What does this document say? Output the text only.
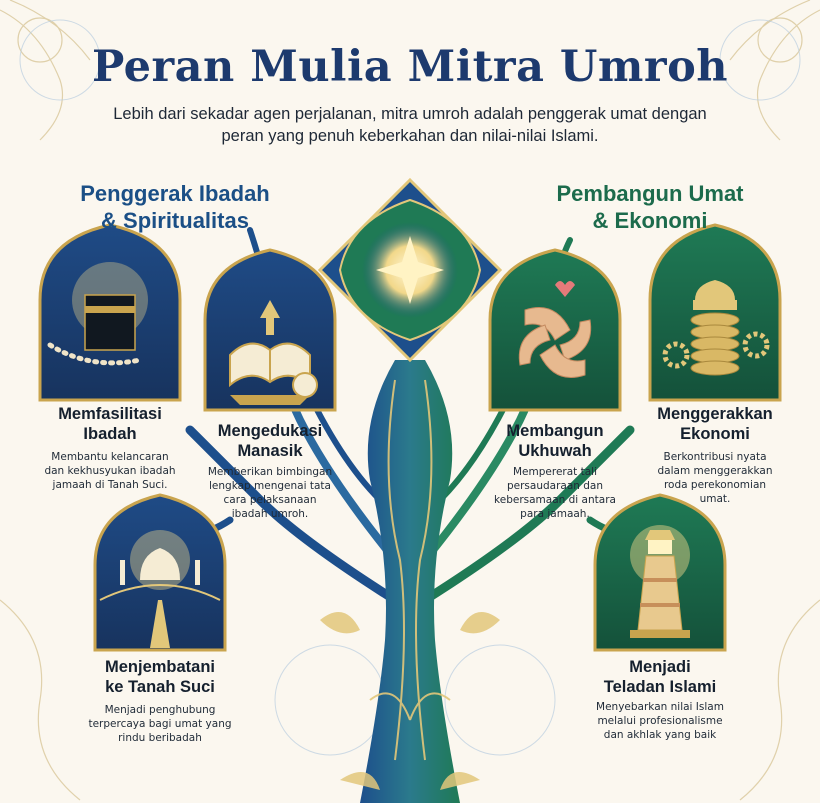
Peran Mulia Mitra Umroh
Lebih dari sekadar agen perjalanan, mitra umroh adalah penggerak umat dengan peran yang penuh keberkahan dan nilai-nilai Islami.
Penggerak Ibadah
& Spiritualitas
Pembangun Umat
& Ekonomi
Memfasilitasi
Ibadah
Membantu kelancaran
dan kekhusyukan ibadah
jamaah di Tanah Suci.
Mengedukasi
Manasik
Memberikan bimbingan
lengkap mengenai tata
cara pelaksanaan
ibadah umroh.
Menjembatani
ke Tanah Suci
Menjadi penghubung
terpercaya bagi umat yang
rindu beribadah
Membangun
Ukhuwah
Mempererat tali
persaudaraan dan
kebersamaan di antara
para jamaah.
Menggerakkan
Ekonomi
Berkontribusi nyata
dalam menggerakkan
roda perekonomian
umat.
Menjadi
Teladan Islami
Menyebarkan nilai Islam
melalui profesionalisme
dan akhlak yang baik
